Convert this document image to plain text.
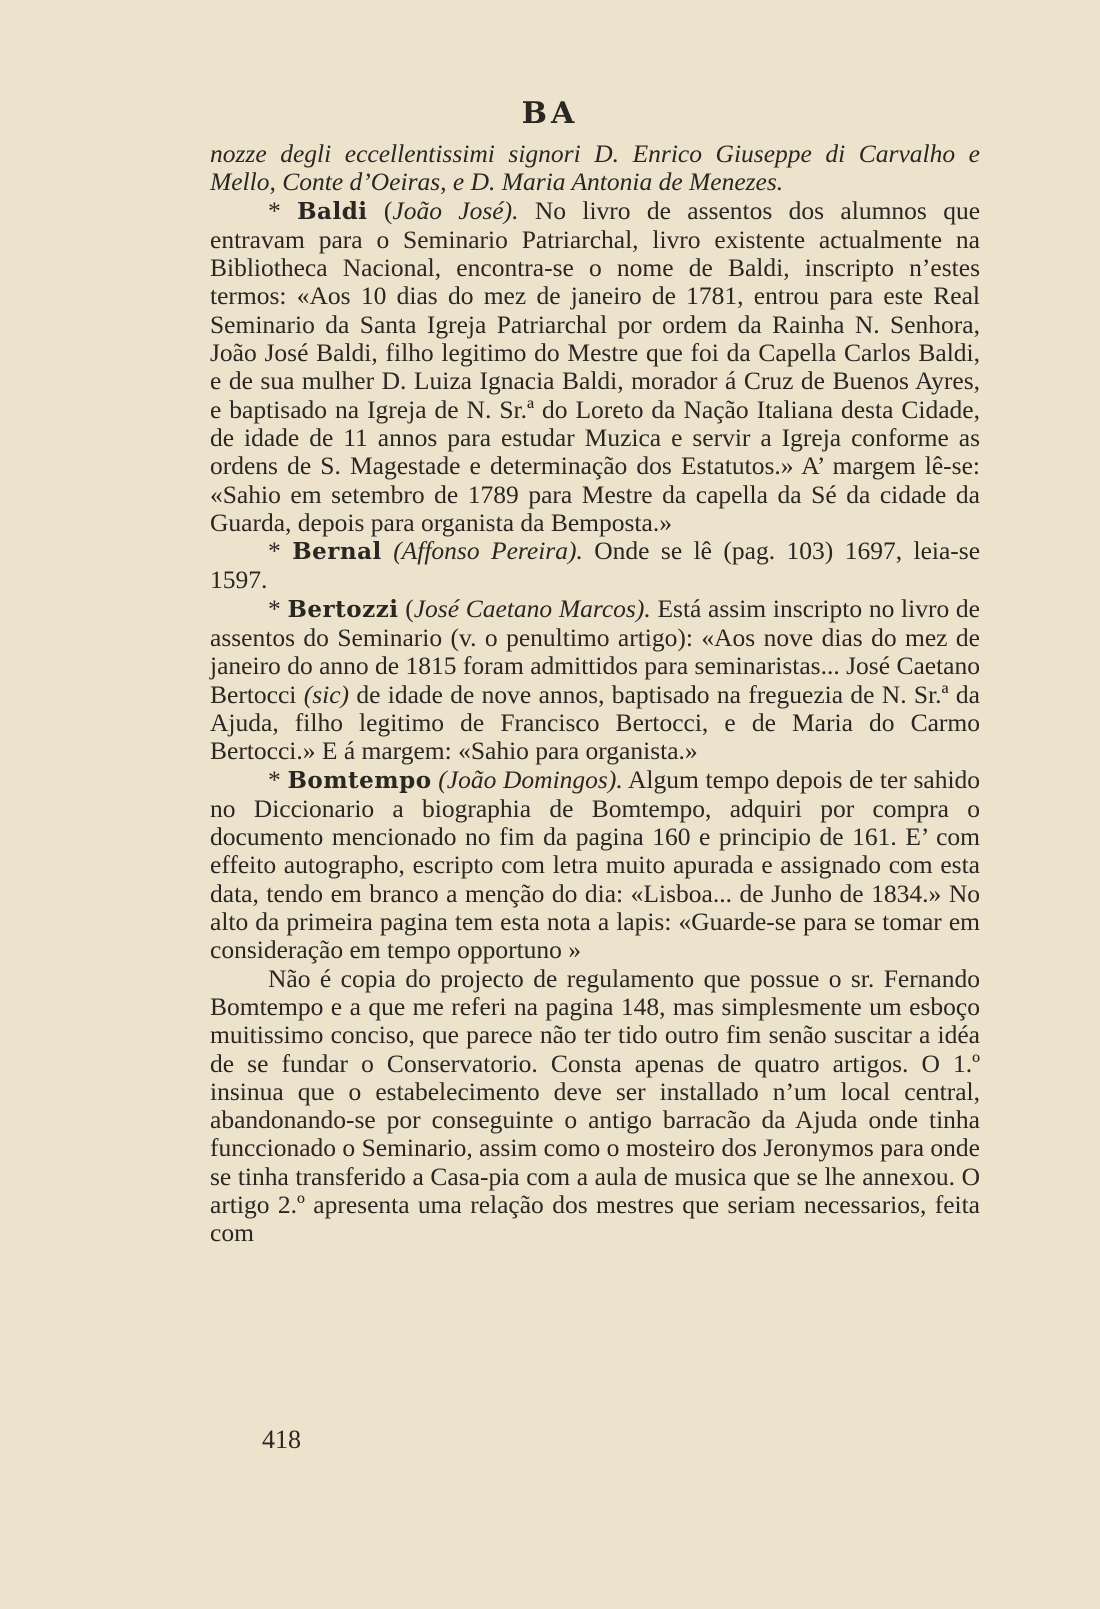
BA

nozze degli eccellentissimi signori D. Enrico Giuseppe di Carvalho e Mello, Conte d’Oeiras, e D. Maria Antonia de Menezes.

* Baldi (João José). No livro de assentos dos alumnos que entravam para o Seminario Patriarchal, livro existente actualmente na Bibliotheca Nacional, encontra-se o nome de Baldi, inscripto n’estes termos: «Aos 10 dias do mez de janeiro de 1781, entrou para este Real Seminario da Santa Igreja Patriarchal por ordem da Rainha N. Senhora, João José Baldi, filho legitimo do Mestre que foi da Capella Carlos Baldi, e de sua mulher D. Luiza Ignacia Baldi, morador á Cruz de Buenos Ayres, e baptisado na Igreja de N. Sr.ª do Loreto da Nação Italiana desta Cidade, de idade de 11 annos para estudar Muzica e servir a Igreja conforme as ordens de S. Magestade e determinação dos Estatutos.» A’ margem lê-se: «Sahio em setembro de 1789 para Mestre da capella da Sé da cidade da Guarda, depois para organista da Bemposta.»

* Bernal (Affonso Pereira). Onde se lê (pag. 103) 1697, leia-se 1597.

* Bertozzi (José Caetano Marcos). Está assim inscripto no livro de assentos do Seminario (v. o penultimo artigo): «Aos nove dias do mez de janeiro do anno de 1815 foram admittidos para seminaristas... José Caetano Bertocci (sic) de idade de nove annos, baptisado na freguezia de N. Sr.ª da Ajuda, filho legitimo de Francisco Bertocci, e de Maria do Carmo Bertocci.» E á margem: «Sahio para organista.»

* Bomtempo (João Domingos). Algum tempo depois de ter sahido no Diccionario a biographia de Bomtempo, adquiri por compra o documento mencionado no fim da pagina 160 e principio de 161. E’ com effeito autographo, escripto com letra muito apurada e assignado com esta data, tendo em branco a menção do dia: «Lisboa... de Junho de 1834.» No alto da primeira pagina tem esta nota a lapis: «Guarde-se para se tomar em consideração em tempo opportuno »

Não é copia do projecto de regulamento que possue o sr. Fernando Bomtempo e a que me referi na pagina 148, mas simplesmente um esboço muitissimo conciso, que parece não ter tido outro fim senão suscitar a idéa de se fundar o Conservatorio. Consta apenas de quatro artigos. O 1.º insinua que o estabelecimento deve ser installado n’um local central, abandonando-se por conseguinte o antigo barracão da Ajuda onde tinha funccionado o Seminario, assim como o mosteiro dos Jeronymos para onde se tinha transferido a Casa-pia com a aula de musica que se lhe annexou. O artigo 2.º apresenta uma relação dos mestres que seriam necessarios, feita com

418
